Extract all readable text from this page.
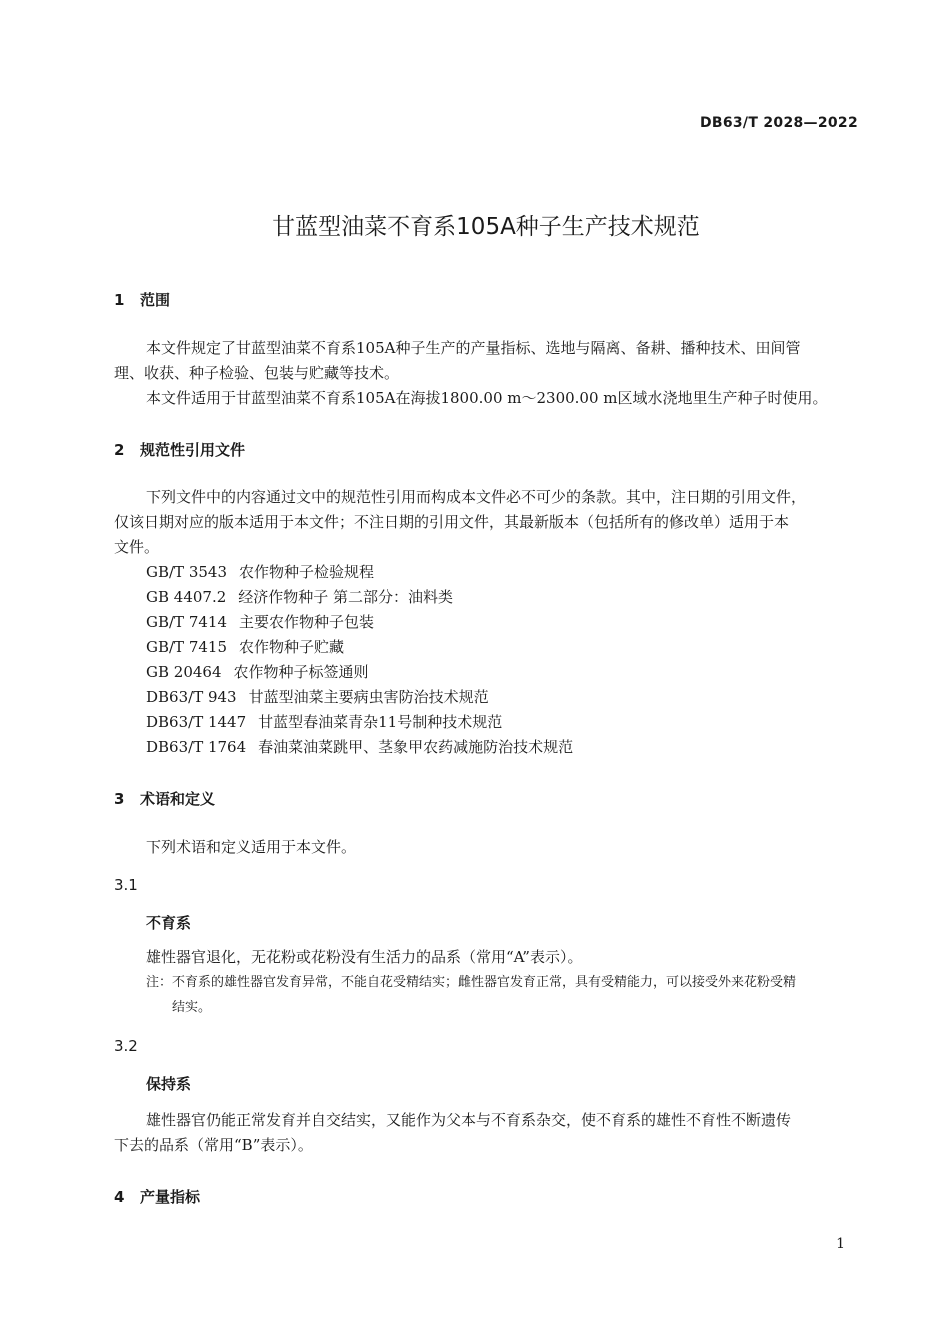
DB63/T 2028—2022
甘蓝型油菜不育系105A种子生产技术规范
1 范围
本文件规定了甘蓝型油菜不育系105A种子生产的产量指标、选地与隔离、备耕、播种技术、田间管
理、收获、种子检验、包装与贮藏等技术。
本文件适用于甘蓝型油菜不育系105A在海拔1800.00 m～2300.00 m区域水浇地里生产种子时使用。
2 规范性引用文件
下列文件中的内容通过文中的规范性引用而构成本文件必不可少的条款。其中，注日期的引用文件，
仅该日期对应的版本适用于本文件；不注日期的引用文件，其最新版本（包括所有的修改单）适用于本
文件。
GB/T 3543 农作物种子检验规程
GB 4407.2 经济作物种子 第二部分：油料类
GB/T 7414 主要农作物种子包装
GB/T 7415 农作物种子贮藏
GB 20464 农作物种子标签通则
DB63/T 943 甘蓝型油菜主要病虫害防治技术规范
DB63/T 1447 甘蓝型春油菜青杂11号制种技术规范
DB63/T 1764 春油菜油菜跳甲、茎象甲农药减施防治技术规范
3 术语和定义
下列术语和定义适用于本文件。
3.1
不育系
雄性器官退化，无花粉或花粉没有生活力的品系（常用“A”表示）。
注：不育系的雄性器官发育异常，不能自花受精结实；雌性器官发育正常，具有受精能力，可以接受外来花粉受精
结实。
3.2
保持系
雄性器官仍能正常发育并自交结实，又能作为父本与不育系杂交，使不育系的雄性不育性不断遗传
下去的品系（常用“B”表示）。
4 产量指标
1
